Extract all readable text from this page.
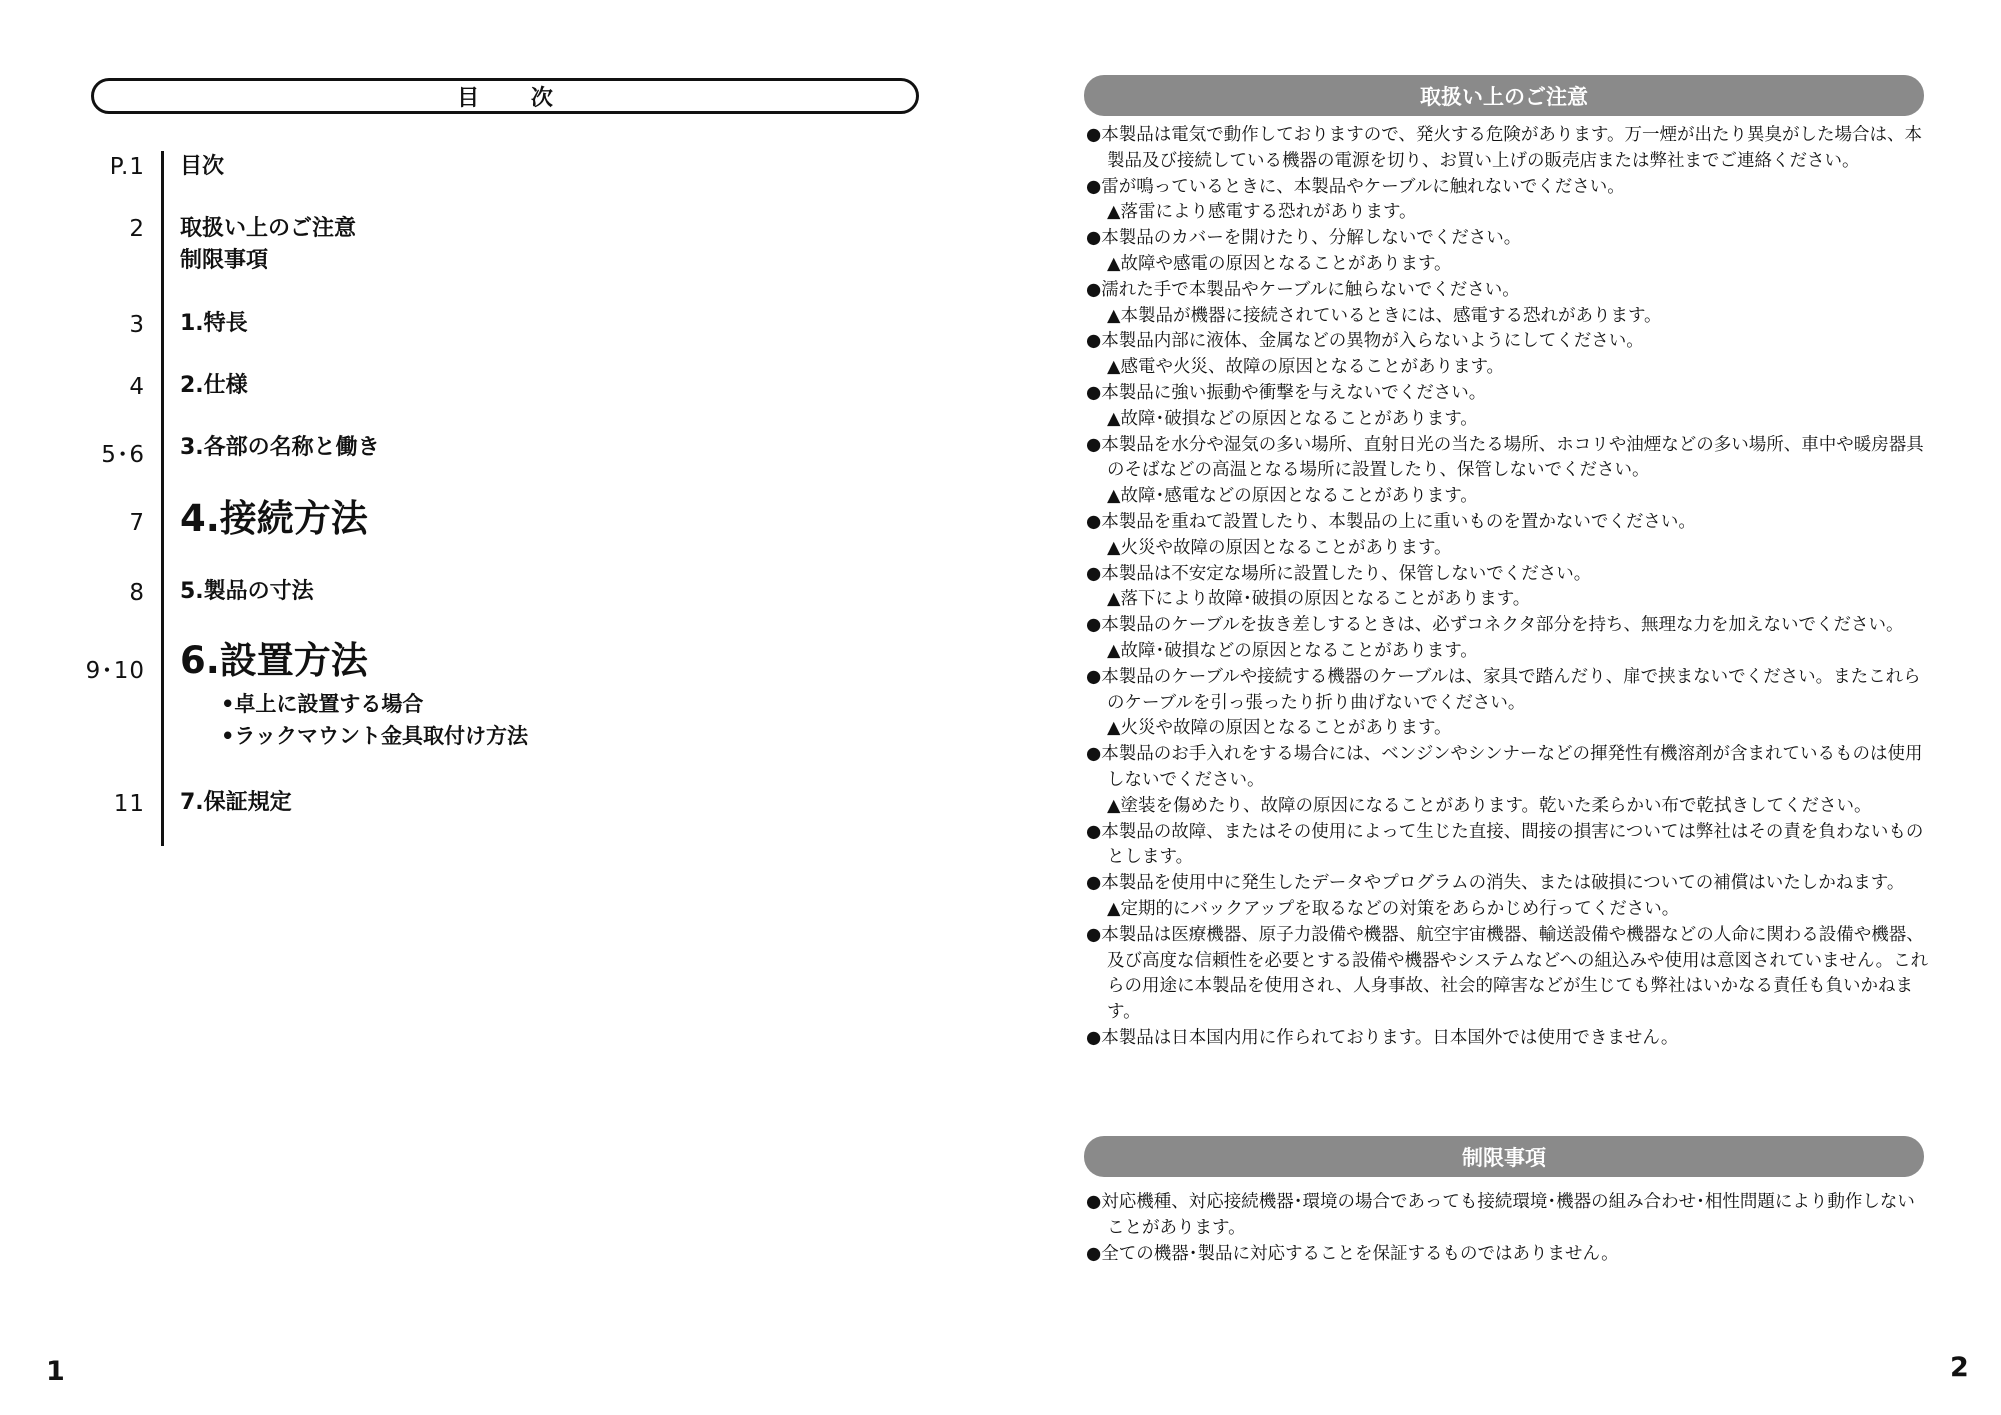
目 次
P.1 目次
2 取扱い上のご注意
制限事項
3 1.特長
4 2.仕様
5･6 3.各部の名称と働き
7 4.接続方法
8 5.製品の寸法
9･10 6.設置方法
•卓上に設置する場合
•ラックマウント金具取付け方法
11 7.保証規定
1
取扱い上のご注意
●本製品は電気で動作しておりますので、発火する危険があります。万一煙が出たり異臭がした場合は、本製品及び接続している機器の電源を切り、お買い上げの販売店または弊社までご連絡ください。
●雷が鳴っているときに、本製品やケーブルに触れないでください。
▲落雷により感電する恐れがあります。
●本製品のカバーを開けたり、分解しないでください。
▲故障や感電の原因となることがあります。
●濡れた手で本製品やケーブルに触らないでください。
▲本製品が機器に接続されているときには、感電する恐れがあります。
●本製品内部に液体、金属などの異物が入らないようにしてください。
▲感電や火災、故障の原因となることがあります。
●本製品に強い振動や衝撃を与えないでください。
▲故障･破損などの原因となることがあります。
●本製品を水分や湿気の多い場所、直射日光の当たる場所、ホコリや油煙などの多い場所、車中や暖房器具のそばなどの高温となる場所に設置したり、保管しないでください。
▲故障･感電などの原因となることがあります。
●本製品を重ねて設置したり、本製品の上に重いものを置かないでください。
▲火災や故障の原因となることがあります。
●本製品は不安定な場所に設置したり、保管しないでください。
▲落下により故障･破損の原因となることがあります。
●本製品のケーブルを抜き差しするときは、必ずコネクタ部分を持ち、無理な力を加えないでください。
▲故障･破損などの原因となることがあります。
●本製品のケーブルや接続する機器のケーブルは、家具で踏んだり、扉で挟まないでください。またこれらのケーブルを引っ張ったり折り曲げないでください。
▲火災や故障の原因となることがあります。
●本製品のお手入れをする場合には、ベンジンやシンナーなどの揮発性有機溶剤が含まれているものは使用しないでください。
▲塗装を傷めたり、故障の原因になることがあります。乾いた柔らかい布で乾拭きしてください。
●本製品の故障、またはその使用によって生じた直接、間接の損害については弊社はその責を負わないものとします。
●本製品を使用中に発生したデータやプログラムの消失、または破損についての補償はいたしかねます。
▲定期的にバックアップを取るなどの対策をあらかじめ行ってください。
●本製品は医療機器、原子力設備や機器、航空宇宙機器、輸送設備や機器などの人命に関わる設備や機器、及び高度な信頼性を必要とする設備や機器やシステムなどへの組込みや使用は意図されていません。これらの用途に本製品を使用され、人身事故、社会的障害などが生じても弊社はいかなる責任も負いかねます。
●本製品は日本国内用に作られております。日本国外では使用できません。
制限事項
●対応機種、対応接続機器･環境の場合であっても接続環境･機器の組み合わせ･相性問題により動作しないことがあります。
●全ての機器･製品に対応することを保証するものではありません。
2
